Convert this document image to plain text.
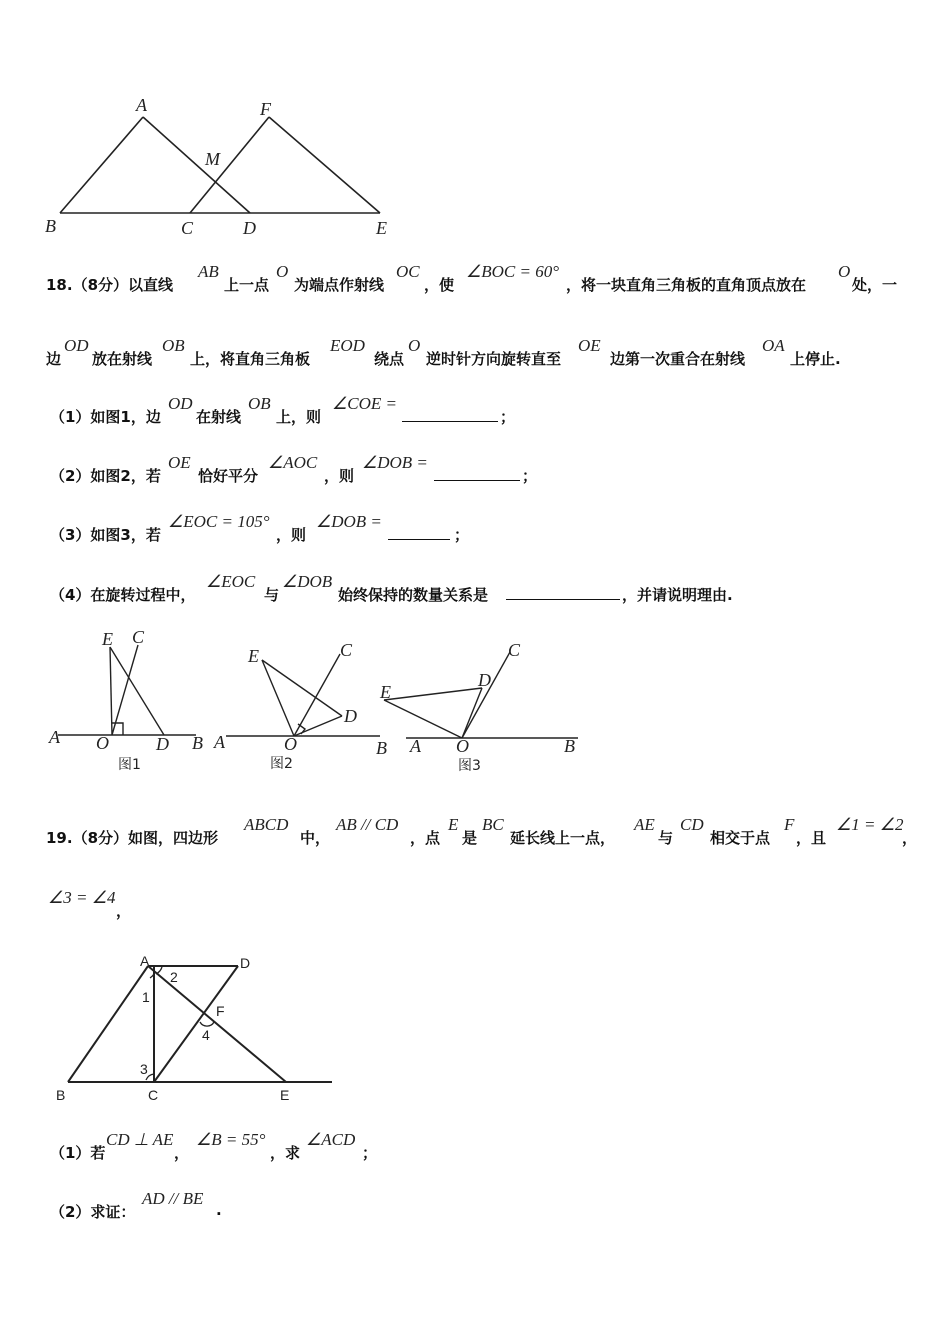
A	F
M
B	C	D	E
18.（8分）以直线
AB
上一点
O
为端点作射线
OC
，使
∠BOC = 60°
，将一块直角三角板的直角顶点放在
O
处，一
边
OD
放在射线
OB
上，将直角三角板
EOD
绕点
O
逆时针方向旋转直至
OE
边第一次重合在射线
OA
上停止.
（1）如图1，边
OD
在射线
OB
上，则
∠COE =
；
（2）如图2，若
OE
恰好平分
∠AOC
，则
∠DOB =
；
（3）如图3，若
∠EOC = 105°
，则
∠DOB =
；
（4）在旋转过程中，
∠EOC
与
∠DOB
始终保持的数量关系是	，并请说明理由.
E C
A O	D B
图1
E	C
D
A	O	B
图2
C
D
E
A O	B
图3
19.（8分）如图，四边形
ABCD
中，
AB // CD
，点
E
是
BC
延长线上一点，
AE
与
CD
相交于点
F
，且
∠1 = ∠2
，
∠3 = ∠4
，
A	D
2
1
F
4
3
B	C	E
（1）若
CD ⊥ AE
，
∠B = 55°
，求
∠ACD
；
（2）求证：
AD // BE
.
